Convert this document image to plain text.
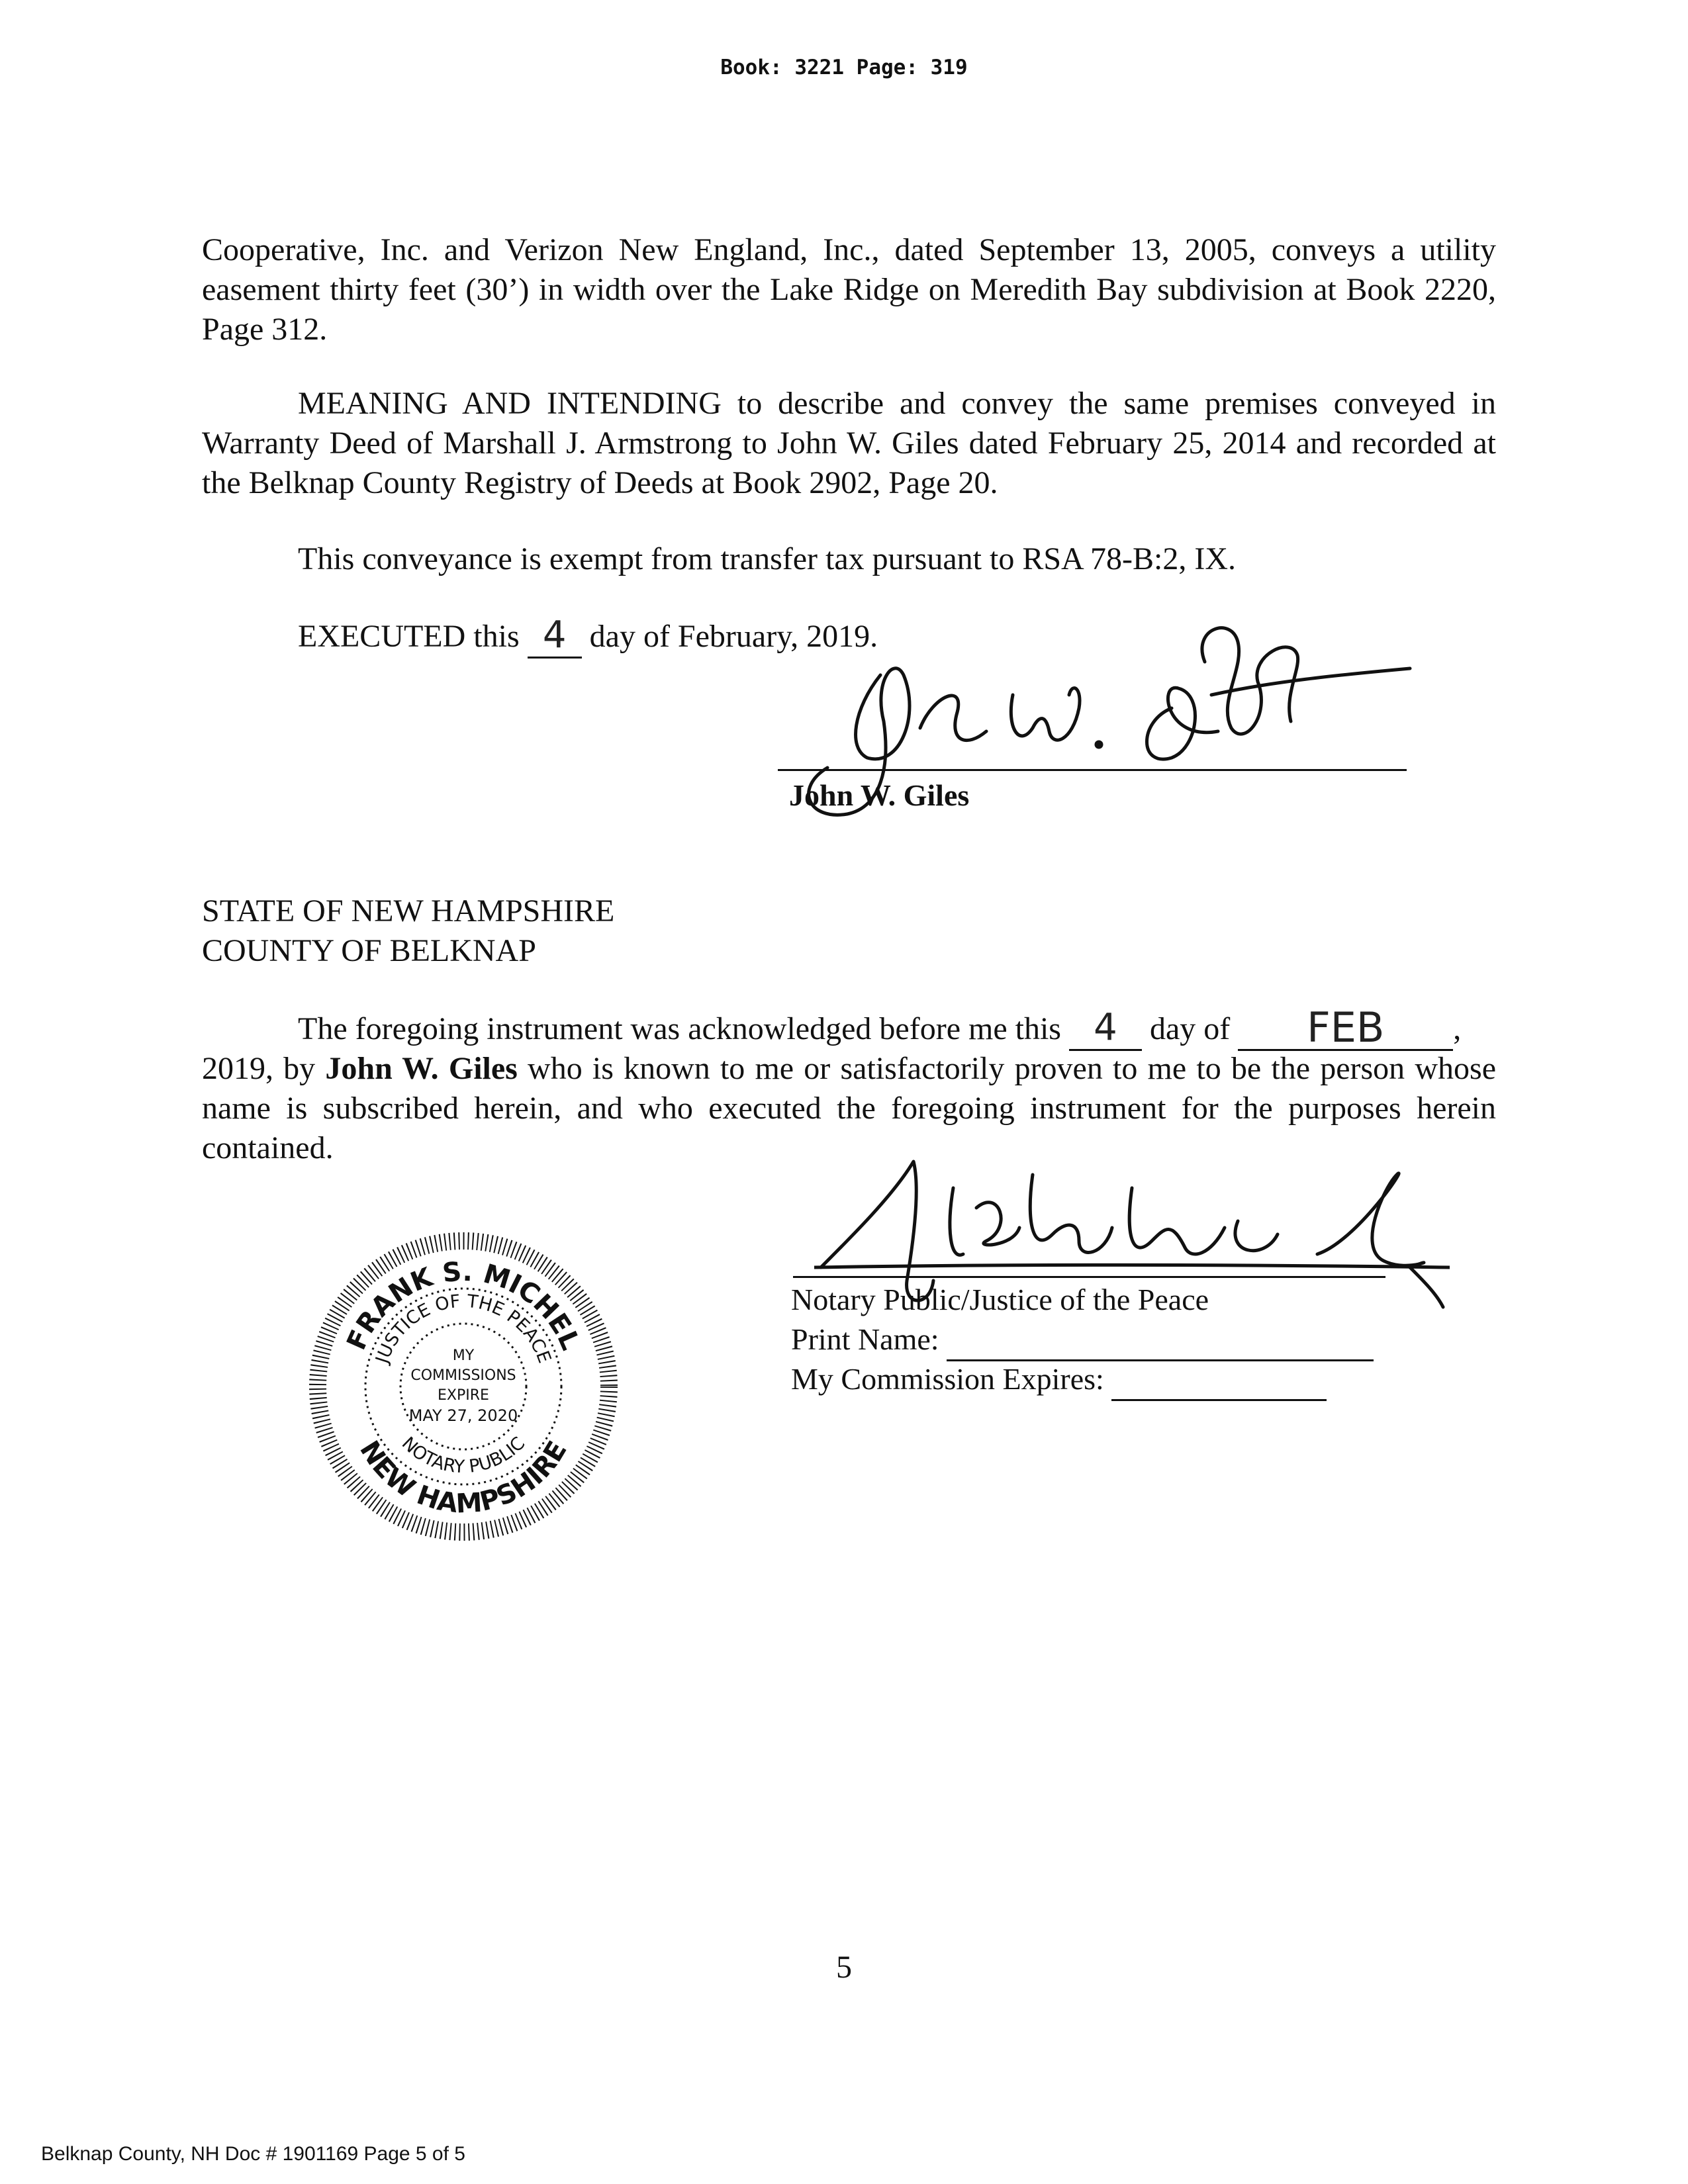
Book: 3221 Page: 319
Cooperative, Inc. and Verizon New England, Inc., dated September 13, 2005, conveys a utility easement thirty feet (30’) in width over the Lake Ridge on Meredith Bay subdivision at Book 2220, Page 312.
MEANING AND INTENDING to describe and convey the same premises conveyed in Warranty Deed of Marshall J. Armstrong to John W. Giles dated February 25, 2014 and recorded at the Belknap County Registry of Deeds at Book 2902, Page 20.
This conveyance is exempt from transfer tax pursuant to RSA 78-B:2, IX.
EXECUTED this 4 day of February, 2019.
John W. Giles
STATE OF NEW HAMPSHIRE
COUNTY OF BELKNAP
The foregoing instrument was acknowledged before me this 4	day of	FEB	,
2019, by John W. Giles who is known to me or satisfactorily proven to me to be the person whose name is subscribed herein, and who executed the foregoing instrument for the purposes herein contained.
FRANK S. MICHEL
NEW HAMPSHIRE
JUSTICE OF THE PEACE
NOTARY PUBLIC
MY
COMMISSIONS
EXPIRE
MAY 27, 2020
Notary Public/Justice of the Peace
Print Name:
My Commission Expires:
5
Belknap County, NH Doc # 1901169 Page 5 of 5
